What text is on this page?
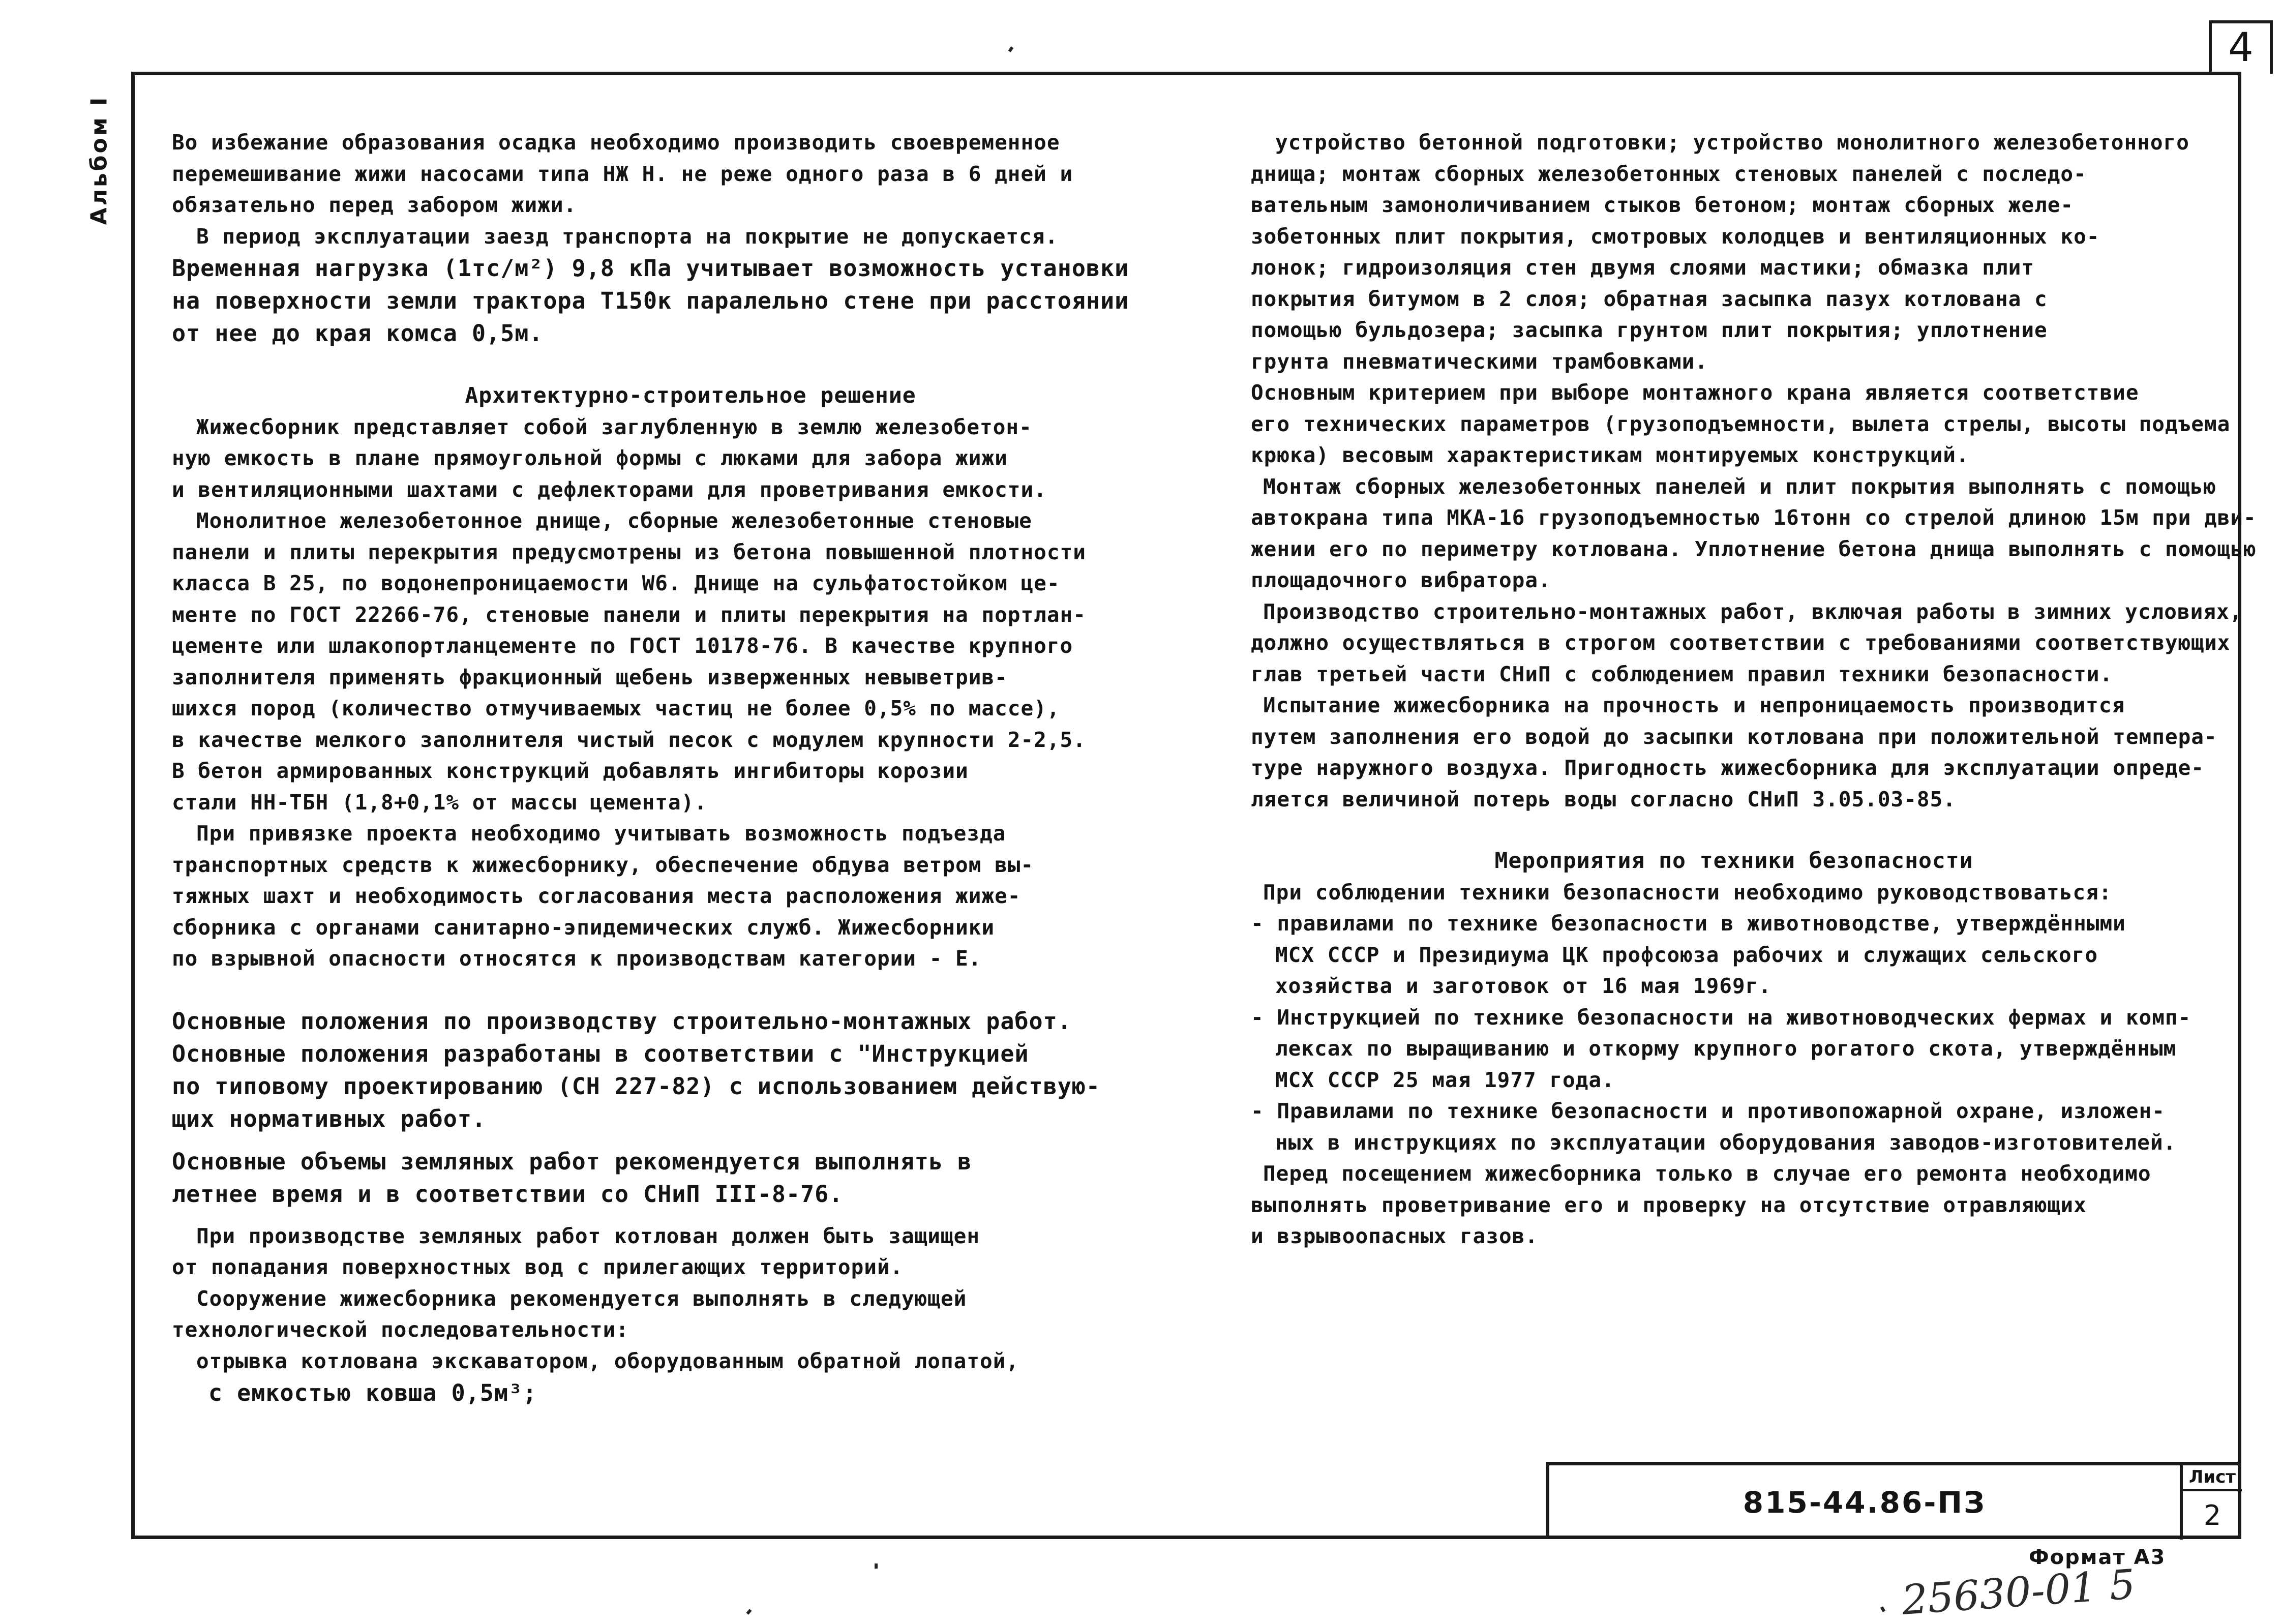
4
Альбом I	Во избежание образования осадка необходимо производить своевременное

перемешивание жижи насосами типа НЖ Н. не реже одного раза в 6 дней и

обязательно перед забором жижи.

В период эксплуатации заезд транспорта на покрытие не допускается.

Временная нагрузка (1тс/м²) 9,8 кПа учитывает возможность установки

на поверхности земли трактора Т150к паралельно стене при расстоянии

от нее до края комса 0,5м.

Архитектурно-строительное решение

Жижесборник представляет собой заглубленную в землю железобетон-

ную емкость в плане прямоугольной формы с люками для забора жижи

и вентиляционными шахтами с дефлекторами для проветривания емкости.

Монолитное железобетонное днище, сборные железобетонные стеновые

панели и плиты перекрытия предусмотрены из бетона повышенной плотности

класса В 25, по водонепроницаемости W6. Днище на сульфатостойком це-

менте по ГОСТ 22266-76, стеновые панели и плиты перекрытия на портлан-

цементе или шлакопортланцементе по ГОСТ 10178-76. В качестве крупного

заполнителя применять фракционный щебень изверженных невыветрив-

шихся пород (количество отмучиваемых частиц не более 0,5% по массе),

в качестве мелкого заполнителя чистый песок с модулем крупности 2-2,5.

В бетон армированных конструкций добавлять ингибиторы корозии

стали НН-ТБН (1,8+0,1% от массы цемента).

При привязке проекта необходимо учитывать возможность подъезда

транспортных средств к жижесборнику, обеспечение обдува ветром вы-

тяжных шахт и необходимость согласования места расположения жиже-

сборника с органами санитарно-эпидемических служб. Жижесборники

по взрывной опасности относятся к производствам категории - Е.

Основные положения по производству строительно-монтажных работ.

Основные положения разработаны в соответствии с "Инструкцией

по типовому проектированию (СН 227-82) с использованием действую-

щих нормативных работ.

Основные объемы земляных работ рекомендуется выполнять в

летнее время и в соответствии со СНиП III-8-76.

При производстве земляных работ котлован должен быть защищен

от попадания поверхностных вод с прилегающих территорий.

Сооружение жижесборника рекомендуется выполнять в следующей

технологической последовательности:

отрывка котлована экскаватором, оборудованным обратной лопатой,

с емкостью ковша 0,5м³;

устройство бетонной подготовки; устройство монолитного железобетонного

днища; монтаж сборных железобетонных стеновых панелей с последо-

вательным замоноличиванием стыков бетоном; монтаж сборных желе-

зобетонных плит покрытия, смотровых колодцев и вентиляционных ко-

лонок; гидроизоляция стен двумя слоями мастики; обмазка плит

покрытия битумом в 2 слоя; обратная засыпка пазух котлована с

помощью бульдозера; засыпка грунтом плит покрытия; уплотнение

грунта пневматическими трамбовками.

Основным критерием при выборе монтажного крана является соответствие

его технических параметров (грузоподъемности, вылета стрелы, высоты подъема

крюка) весовым характеристикам монтируемых конструкций.

Монтаж сборных железобетонных панелей и плит покрытия выполнять с помощью

автокрана типа МКА-16 грузоподъемностью 16тонн со стрелой длиною 15м при дви-

жении его по периметру котлована. Уплотнение бетона днища выполнять с помощью

площадочного вибратора.

Производство строительно-монтажных работ, включая работы в зимних условиях,

должно осуществляться в строгом соответствии с требованиями соответствующих

глав третьей части СНиП с соблюдением правил техники безопасности.

Испытание жижесборника на прочность и непроницаемость производится

путем заполнения его водой до засыпки котлована при положительной темпера-

туре наружного воздуха. Пригодность жижесборника для эксплуатации опреде-

ляется величиной потерь воды согласно СНиП 3.05.03-85.

Мероприятия по техники безопасности

При соблюдении техники безопасности необходимо руководствоваться:

- правилами по технике безопасности в животноводстве, утверждёнными

МСХ СССР и Президиума ЦК профсоюза рабочих и служащих сельского

хозяйства и заготовок от 16 мая 1969г.

- Инструкцией по технике безопасности на животноводческих фермах и комп-

лексах по выращиванию и откорму крупного рогатого скота, утверждённым

МСХ СССР 25 мая 1977 года.

- Правилами по технике безопасности и противопожарной охране, изложен-

ных в инструкциях по эксплуатации оборудования заводов-изготовителей.

Перед посещением жижесборника только в случае его ремонта необходимо

выполнять проветривание его и проверку на отсутствие отравляющих

и взрывоопасных газов.

815-44.86-ПЗ
Лист
2
Формат А3
25630-01 5
